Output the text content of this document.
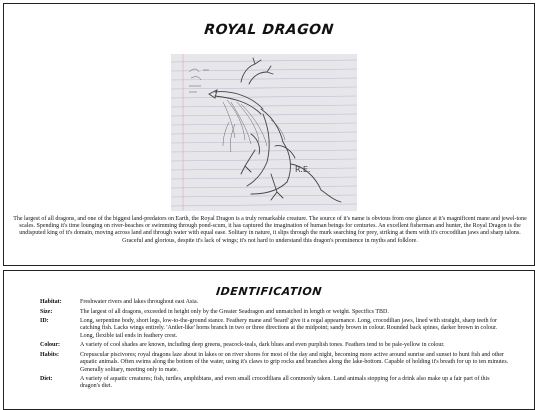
ROYAL DRAGON
R.E.
The largest of all dragons, and one of the biggest land-predators on Earth, the Royal Dragon is a truly remarkable creature. The source of it's name is obvious from one glance at it's magnificent mane and jewel-tone scales. Spending it's time lounging on river-beaches or swimming through pond-scum, it has captured the imagination of human beings for centuries. An excellent fisherman and hunter, the Royal Dragon is the undisputed king of it's domain, moving across land and through water with equal ease. Solitary in nature, it slips through the murk searching for prey, striking at them with it's crocodilian jaws and sharp talons. Graceful and glorious, despite it's lack of wings; it's not hard to understand this dragon's prominence in myths and folklore.
IDENTIFICATION
Habitat:	Freshwater rivers and lakes throughout east Asia.
Size:	The largest of all dragons, exceeded in height only by the Greater Seadragon and unmatched in length or weight. Specifics TBD.
ID:	Long, serpentine body, short legs, low-to-the-ground stance. Feathery mane and 'beard' give it a regal appearnance. Long, crocodilian jaws, lined with straight, sharp teeth for catching fish. Lacks wings entirely. 'Antler-like' horns branch in two or three directions at the midpoint; sandy brown in colour. Rounded back spines, darker brown in colour. Long, flexible tail ends in feathery crest.
Colour:	A variety of cool shades are known, including deep greens, peacock-teals, dark blues and even purplish tones. Feathers tend to be pale-yellow in colour.
Habits:	Crepuscular piscivores; royal dragons laze about in lakes or on river shores for most of the day and night, becoming more active around sunrise and sunset to hunt fish and other aquatic animals. Often swims along the bottom of the water, using it's claws to grip rocks and branches along the lake-bottom. Capable of holding it's breath for up to ten minutes. Generally solitary, meeting only to mate.
Diet:	A variety of aquatic creatures; fish, turtles, amphibians, and even small crocodilians all commonly taken. Land animals stopping for a drink also make up a fair part of this dragon's diet.
